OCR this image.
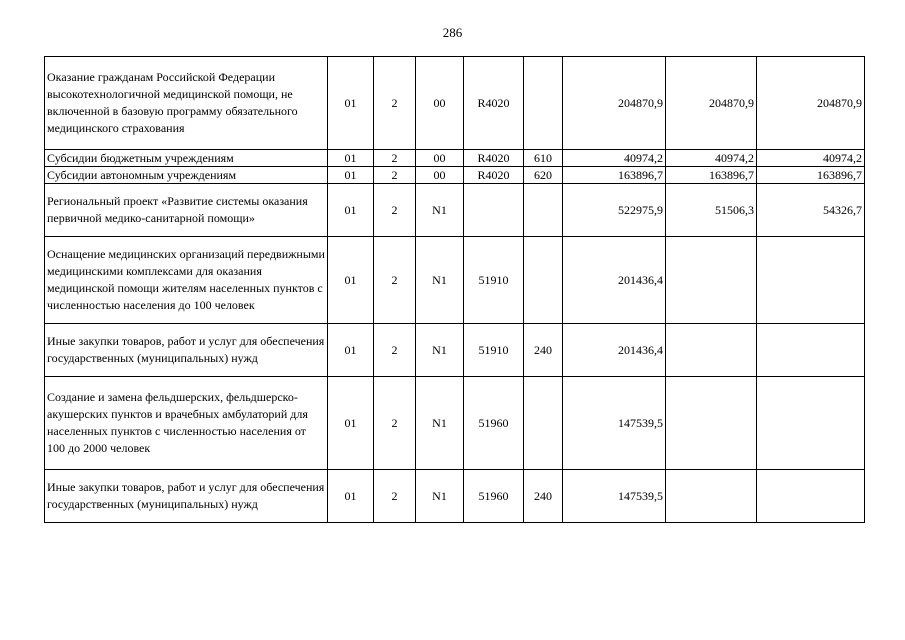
286
Оказание гражданам Российской Федерации высокотехнологичной медицинской помощи, не включенной в базовую программу обязательного медицинского страхования	01	2	00	R4020		204870,9	204870,9	204870,9
Субсидии бюджетным учреждениям	01	2	00	R4020	610	40974,2	40974,2	40974,2
Субсидии автономным учреждениям	01	2	00	R4020	620	163896,7	163896,7	163896,7
Региональный проект «Развитие системы оказания первичной медико-санитарной помощи»	01	2	N1			522975,9	51506,3	54326,7
Оснащение медицинских организаций передвижными медицинскими комплексами для оказания медицинской помощи жителям населенных пунктов с численностью населения до 100 человек	01	2	N1	51910		201436,4		
Иные закупки товаров, работ и услуг для обеспечения государственных (муниципальных) нужд	01	2	N1	51910	240	201436,4		
Создание и замена фельдшерских, фельдшерско-акушерских пунктов и врачебных амбулаторий для населенных пунктов с численностью населения от 100 до 2000 человек	01	2	N1	51960		147539,5		
Иные закупки товаров, работ и услуг для обеспечения государственных (муниципальных) нужд	01	2	N1	51960	240	147539,5		
